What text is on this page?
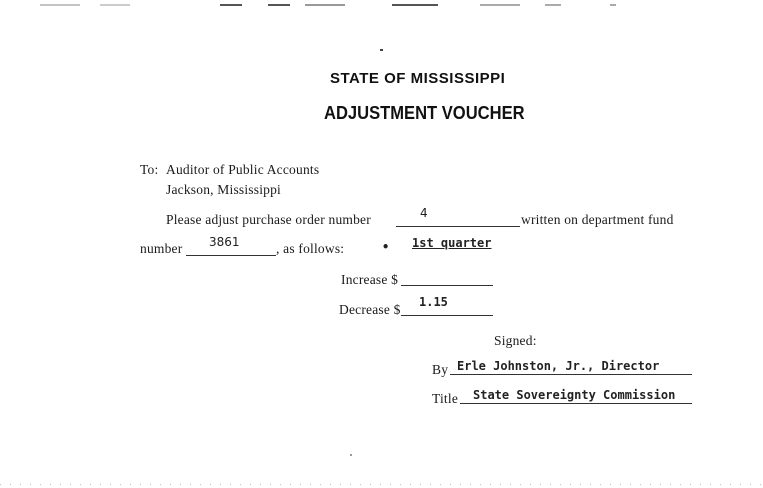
STATE OF MISSISSIPPI
ADJUSTMENT VOUCHER
To: Auditor of Public Accounts
Jackson, Mississippi
Please adjust purchase order number	4	written on department fund
number 3861	, as follows:	• 1st quarter
Increase $
Decrease $ 1.15
Signed:
By Erle Johnston, Jr., Director
Title State Sovereignty Commission
